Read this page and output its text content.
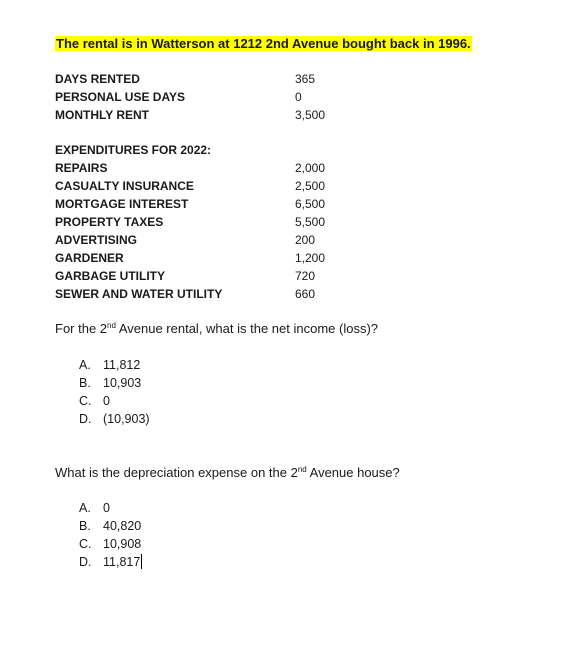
The rental is in Watterson at 1212 2nd Avenue bought back in 1996.
DAYS RENTED	365
PERSONAL USE DAYS	0
MONTHLY RENT	3,500
EXPENDITURES FOR 2022:
REPAIRS	2,000
CASUALTY INSURANCE	2,500
MORTGAGE INTEREST	6,500
PROPERTY TAXES	5,500
ADVERTISING	200
GARDENER	1,200
GARBAGE UTILITY	720
SEWER AND WATER UTILITY	660
For the 2nd Avenue rental, what is the net income (loss)?
A. 11,812
B. 10,903
C. 0
D. (10,903)
What is the depreciation expense on the 2nd Avenue house?
A. 0
B. 40,820
C. 10,908
D. 11,817
